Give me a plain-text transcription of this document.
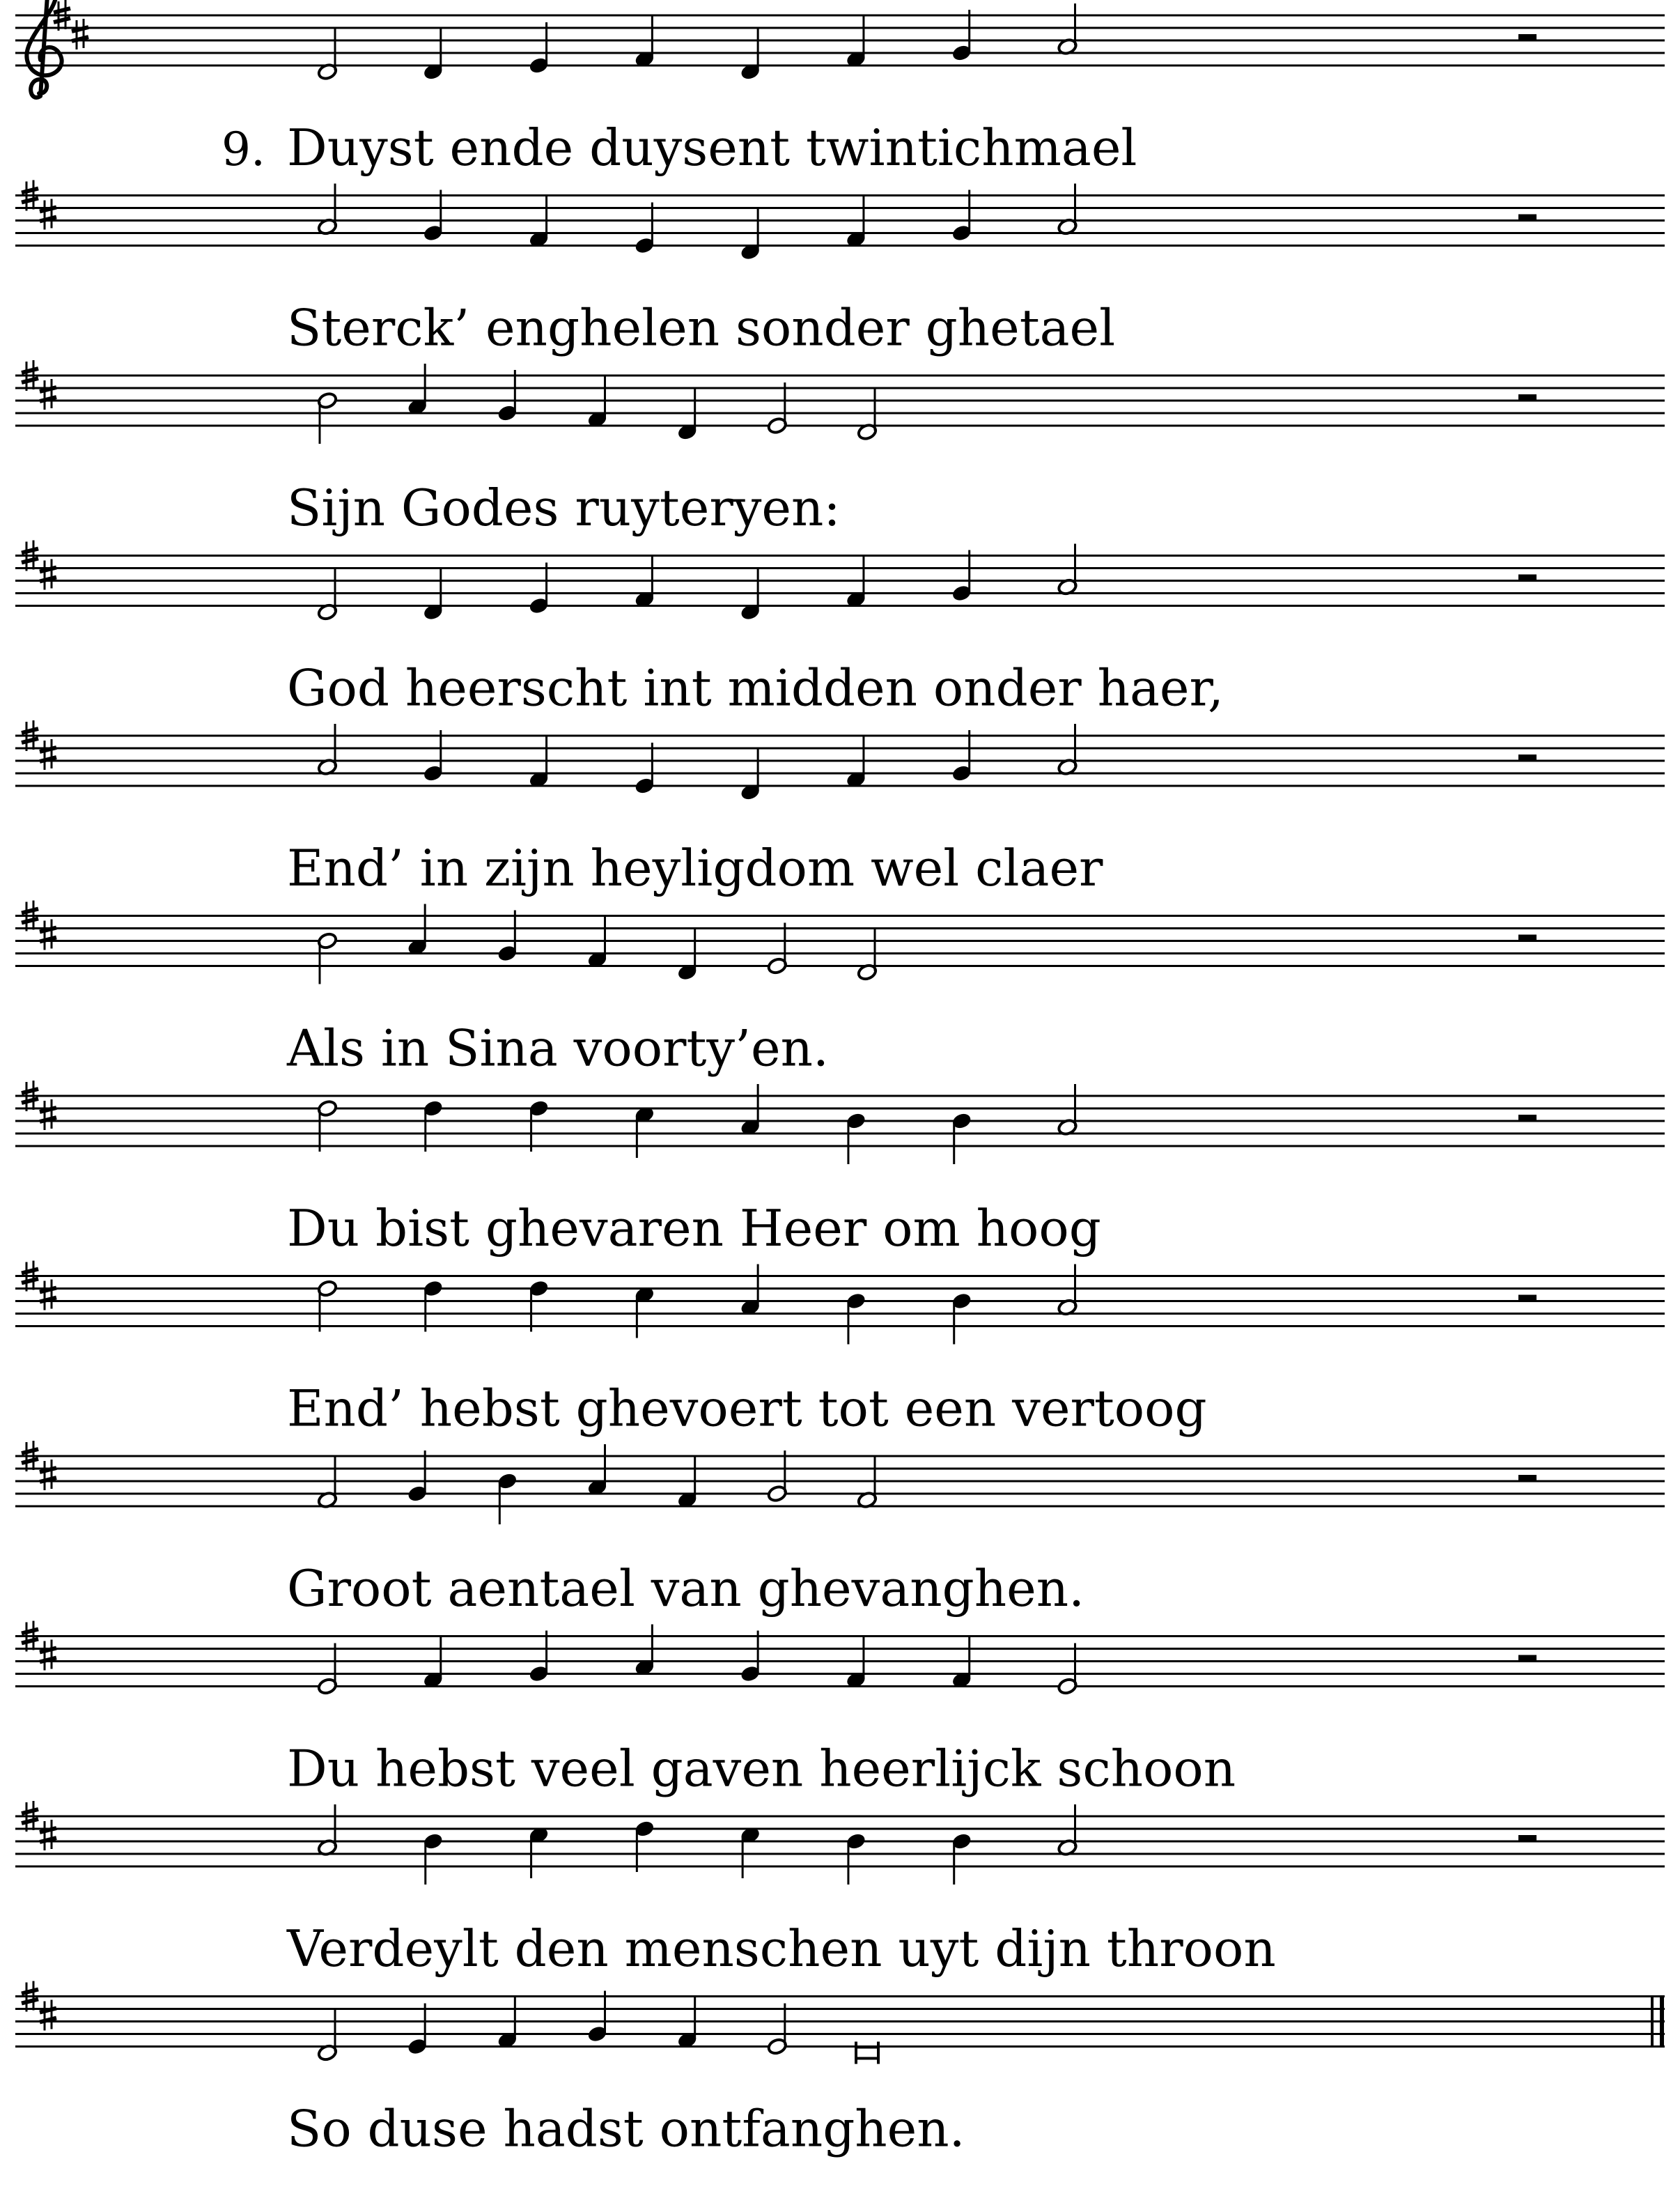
9. Duyst ende duysent twintichmael
Sterck’ enghelen sonder ghetael
Sijn Godes ruyteryen:
God heerscht int midden onder haer,
End’ in zijn heyligdom wel claer
Als in Sina voorty’en.
Du bist ghevaren Heer om hoog
End’ hebst ghevoert tot een vertoog
Groot aentael van ghevanghen.
Du hebst veel gaven heerlijck schoon
Verdeylt den menschen uyt dijn throon
So duse hadst ontfanghen.
